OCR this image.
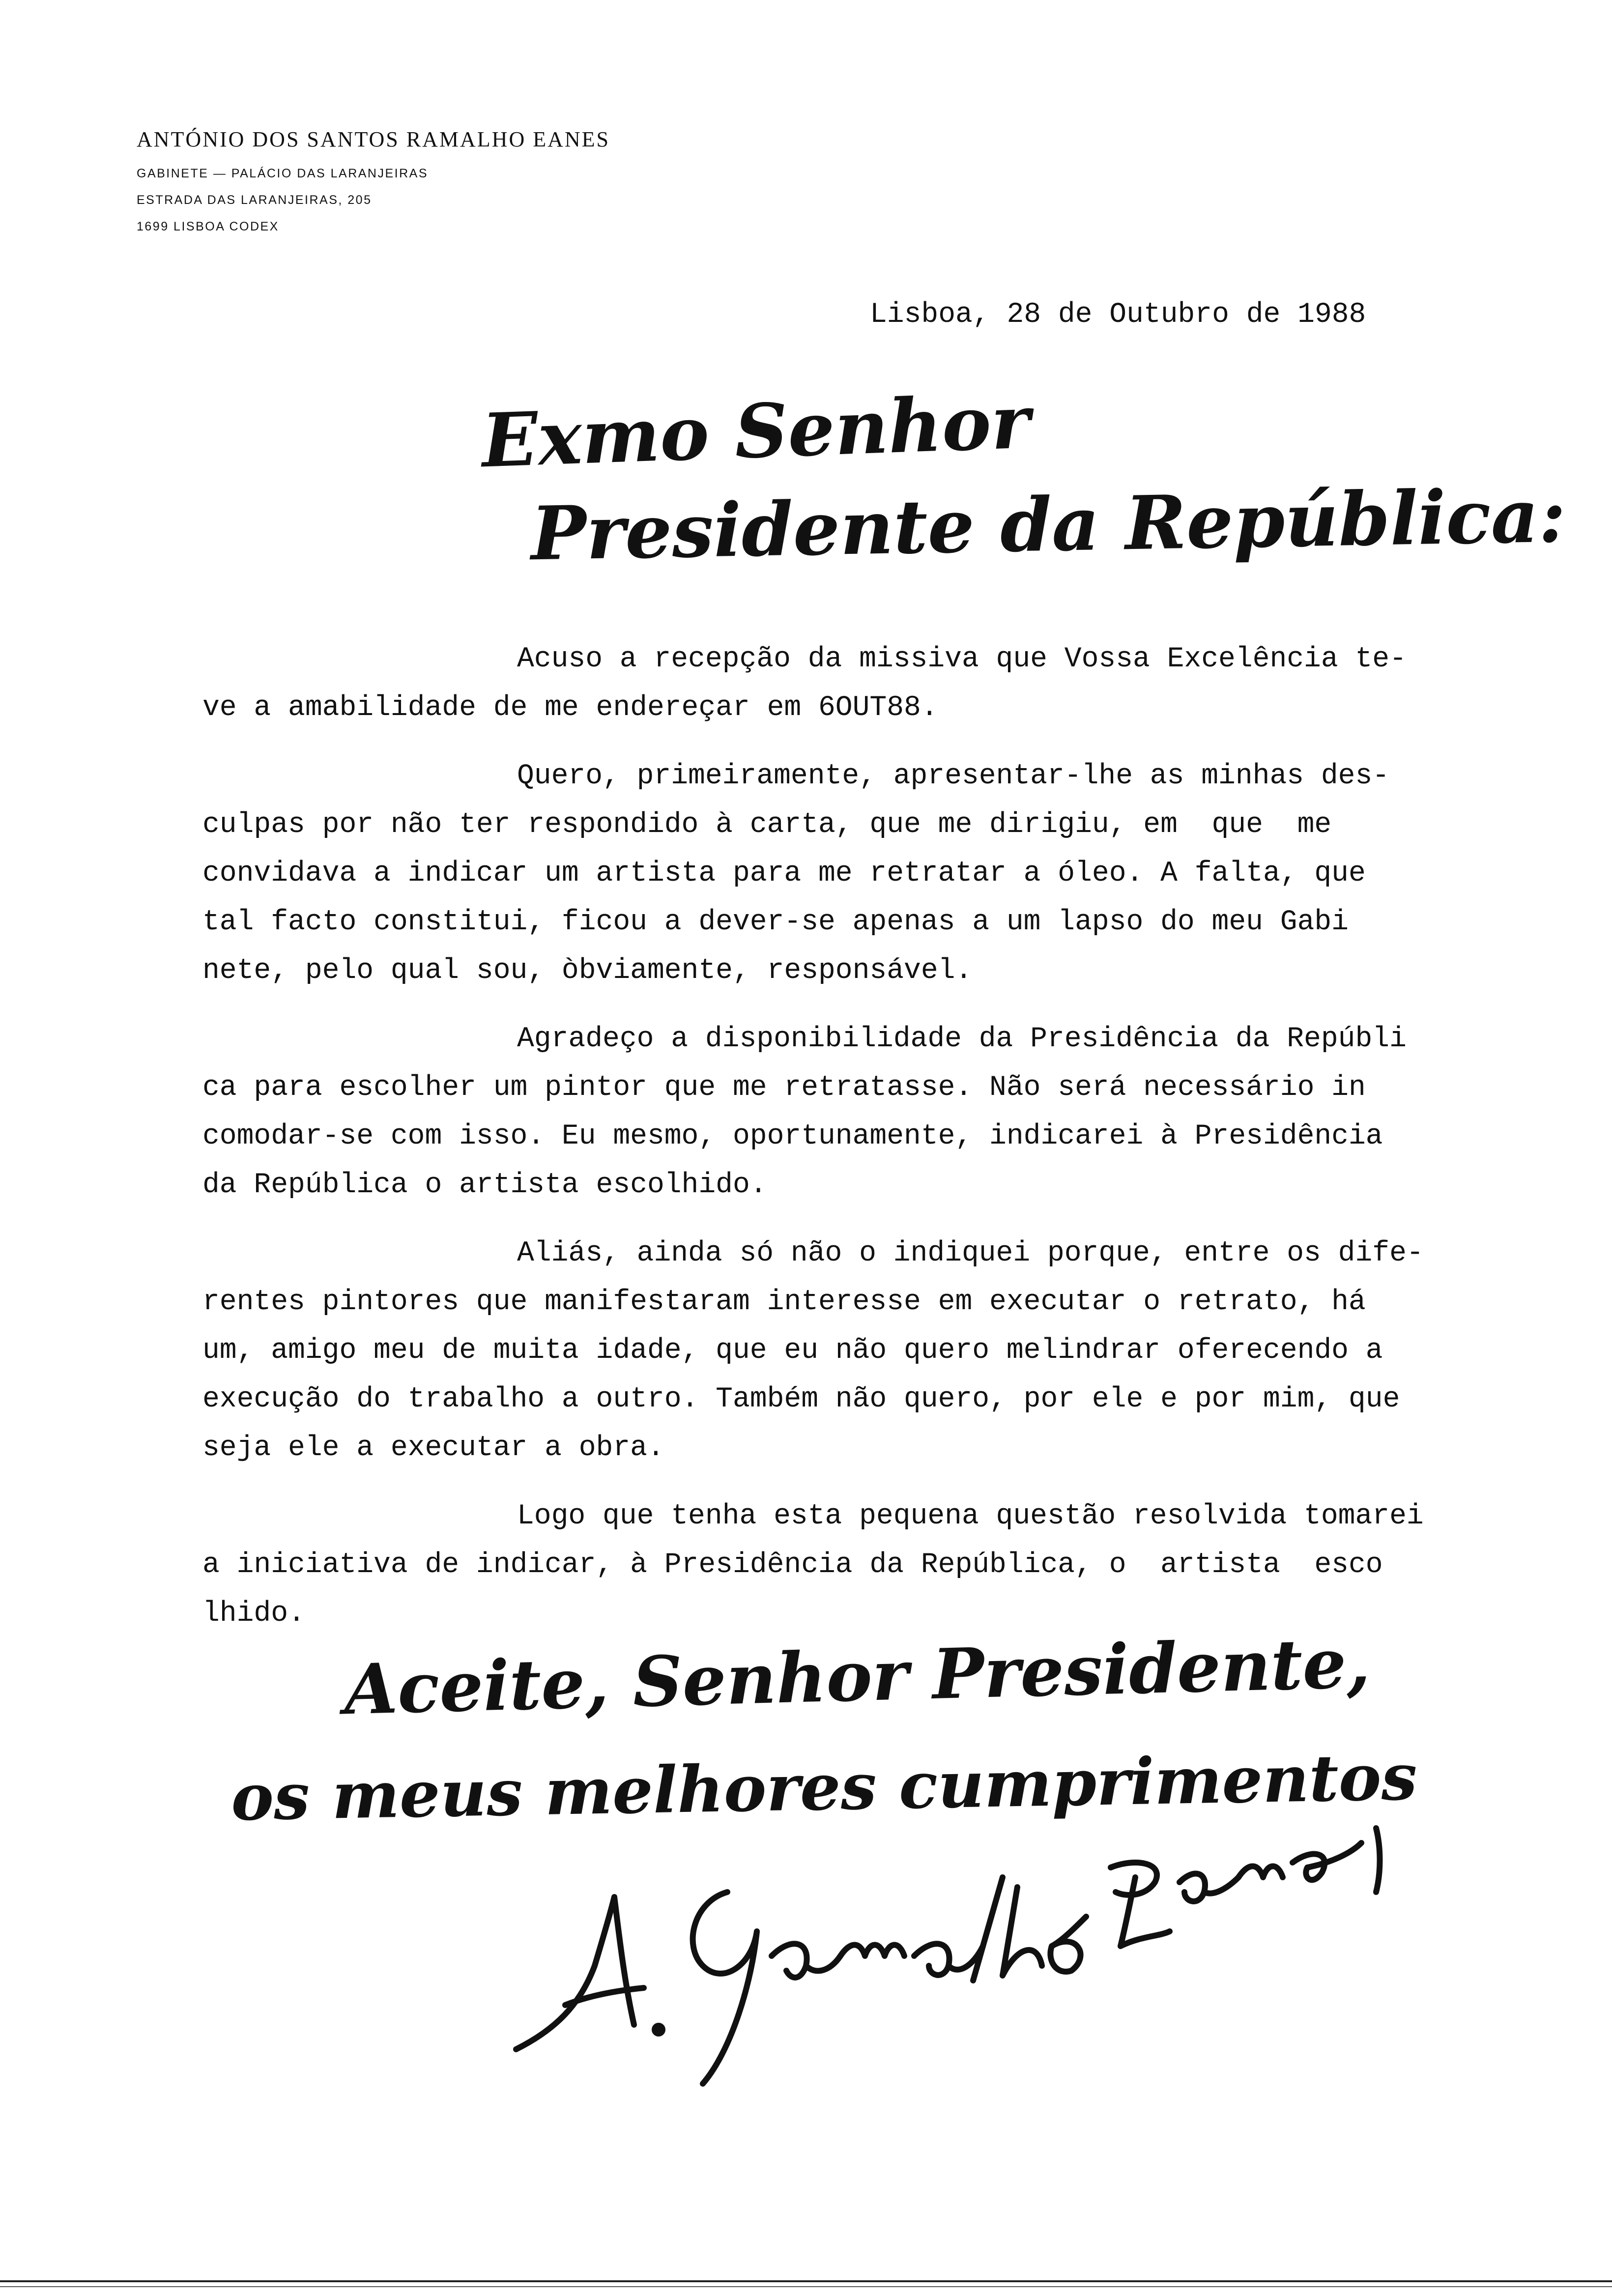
ANTÓNIO DOS SANTOS RAMALHO EANES
GABINETE — PALÁCIO DAS LARANJEIRAS
ESTRADA DAS LARANJEIRAS, 205
1699 LISBOA CODEX
Lisboa, 28 de Outubro de 1988
Exmo Senhor
Presidente da República:
Acuso a recepção da missiva que Vossa Excelência te-
ve a amabilidade de me endereçar em 6OUT88.
Quero, primeiramente, apresentar-lhe as minhas des-
culpas por não ter respondido à carta, que me dirigiu, em  que  me
convidava a indicar um artista para me retratar a óleo. A falta, que
tal facto constitui, ficou a dever-se apenas a um lapso do meu Gabi
nete, pelo qual sou, òbviamente, responsável.
Agradeço a disponibilidade da Presidência da Repúbli
ca para escolher um pintor que me retratasse. Não será necessário in
comodar-se com isso. Eu mesmo, oportunamente, indicarei à Presidência
da República o artista escolhido.
Aliás, ainda só não o indiquei porque, entre os dife-
rentes pintores que manifestaram interesse em executar o retrato, há
um, amigo meu de muita idade, que eu não quero melindrar oferecendo a
execução do trabalho a outro. Também não quero, por ele e por mim, que
seja ele a executar a obra.
Logo que tenha esta pequena questão resolvida tomarei
a iniciativa de indicar, à Presidência da República, o  artista  esco
lhido.
Aceite, Senhor Presidente,
os meus melhores cumprimentos
